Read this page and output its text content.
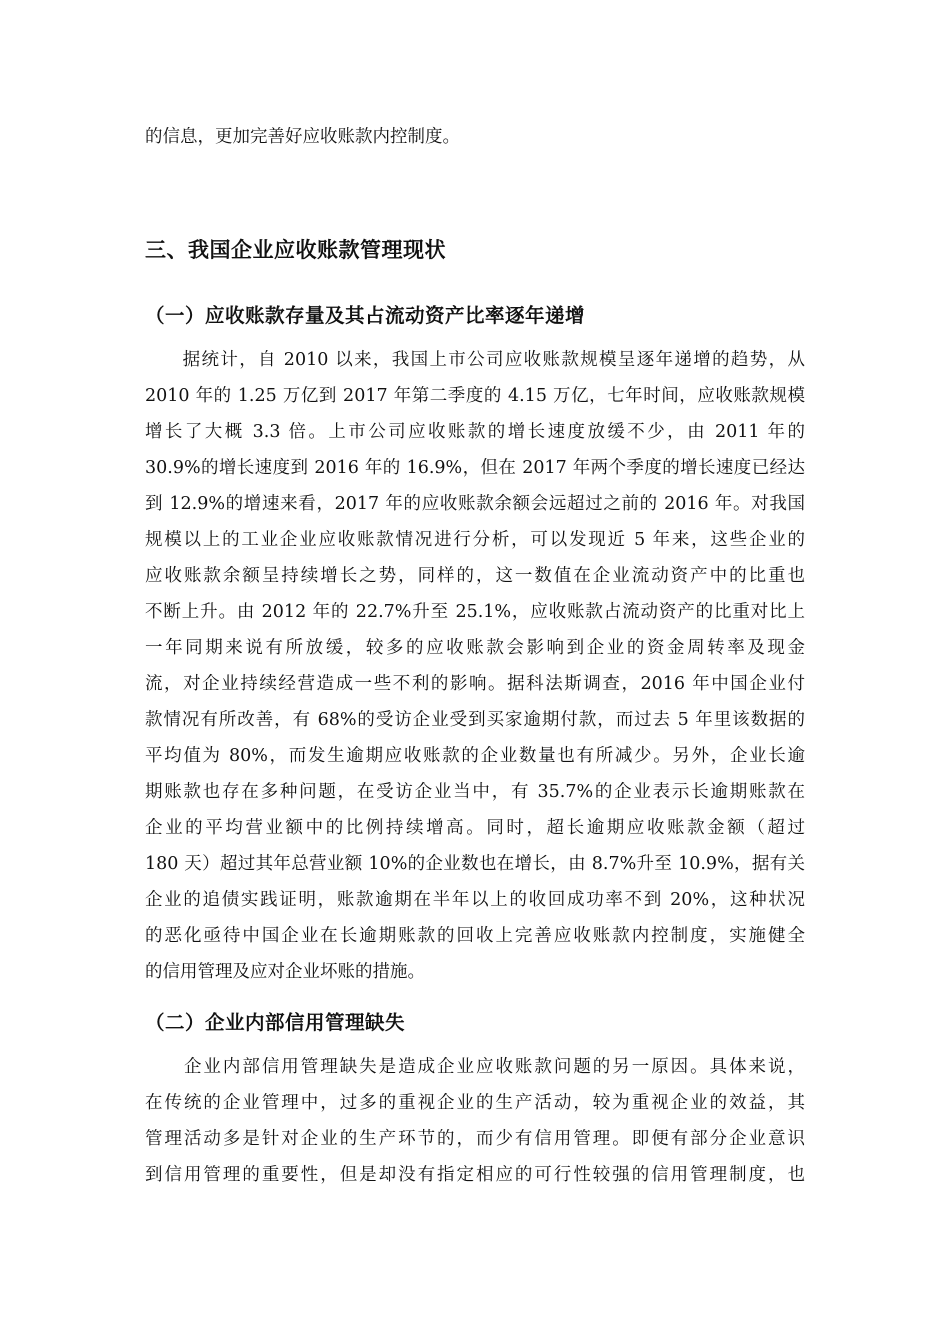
的信息，更加完善好应收账款内控制度。
三、我国企业应收账款管理现状
（一）应收账款存量及其占流动资产比率逐年递增
　　据统计，自 2010 以来，我国上市公司应收账款规模呈逐年递增的趋势，从
2010 年的 1.25 万亿到 2017 年第二季度的 4.15 万亿，七年时间，应收账款规模
增长了大概 3.3 倍。上市公司应收账款的增长速度放缓不少，由 2011 年的
30.9%的增长速度到 2016 年的 16.9%，但在 2017 年两个季度的增长速度已经达
到 12.9%的增速来看，2017 年的应收账款余额会远超过之前的 2016 年。对我国
规模以上的工业企业应收账款情况进行分析，可以发现近 5 年来，这些企业的
应收账款余额呈持续增长之势，同样的，这一数值在企业流动资产中的比重也
不断上升。由 2012 年的 22.7%升至 25.1%，应收账款占流动资产的比重对比上
一年同期来说有所放缓，较多的应收账款会影响到企业的资金周转率及现金
流，对企业持续经营造成一些不利的影响。据科法斯调查，2016 年中国企业付
款情况有所改善，有 68%的受访企业受到买家逾期付款，而过去 5 年里该数据的
平均值为 80%，而发生逾期应收账款的企业数量也有所减少。另外，企业长逾
期账款也存在多种问题，在受访企业当中，有 35.7%的企业表示长逾期账款在
企业的平均营业额中的比例持续增高。同时，超长逾期应收账款金额（超过
180 天）超过其年总营业额 10%的企业数也在增长，由 8.7%升至 10.9%，据有关
企业的追债实践证明，账款逾期在半年以上的收回成功率不到 20%，这种状况
的恶化亟待中国企业在长逾期账款的回收上完善应收账款内控制度，实施健全
的信用管理及应对企业坏账的措施。
（二）企业内部信用管理缺失
　　企业内部信用管理缺失是造成企业应收账款问题的另一原因。具体来说，
在传统的企业管理中，过多的重视企业的生产活动，较为重视企业的效益，其
管理活动多是针对企业的生产环节的，而少有信用管理。即便有部分企业意识
到信用管理的重要性，但是却没有指定相应的可行性较强的信用管理制度，也
